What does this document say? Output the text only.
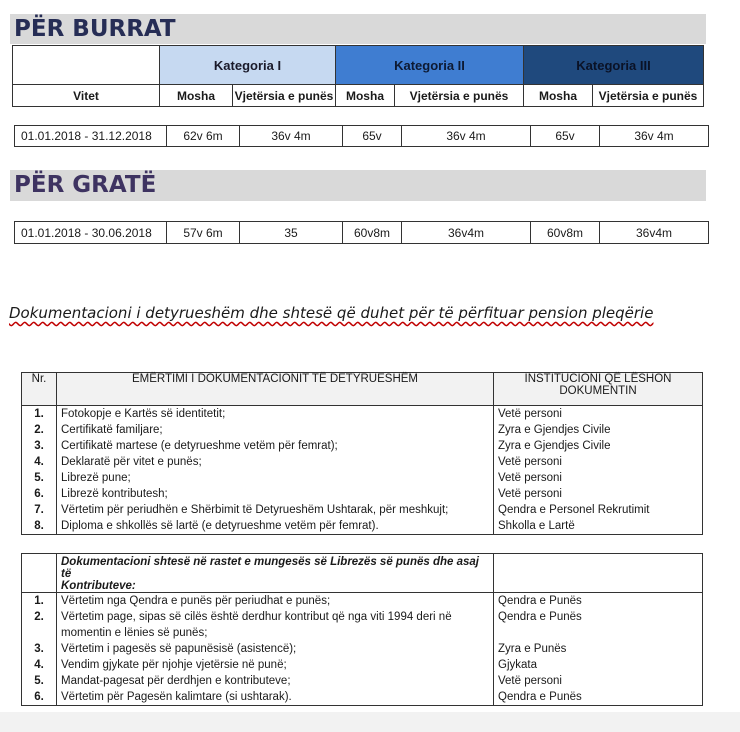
PËR BURRAT
	Kategoria I		Kategoria II		Kategoria III	
Vitet	Mosha	Vjetërsia e punës	Mosha	Vjetërsia e punës	Mosha	Vjetërsia e punës
01.01.2018 - 31.12.2018	62v 6m	36v 4m	65v	36v 4m	65v	36v 4m
PËR GRATË
01.01.2018 - 30.06.2018	57v 6m	35	60v8m	36v4m	60v8m	36v4m
Dokumentacioni i detyrueshëm dhe shtesë që duhet për të përfituar pension pleqërie
Nr.	EMËRTIMI I DOKUMENTACIONIT TË DETYRUESHËM	INSTITUCIONI QË LËSHON
DOKUMENTIN

1.	Fotokopje e Kartës së identitetit;	Vetë personi
2.	Certifikatë familjare;	Zyra e Gjendjes Civile
3.	Certifikatë martese (e detyrueshme vetëm për femrat);	Zyra e Gjendjes Civile
4.	Deklaratë për vitet e punës;	Vetë personi
5.	Librezë pune;	Vetë personi
6.	Librezë kontributesh;	Vetë personi
7.	Vërtetim për periudhën e Shërbimit të Detyrueshëm Ushtarak, për meshkujt;	Qendra e Personel Rekrutimit
8.	Diploma e shkollës së lartë (e detyrueshme vetëm për femrat).	Shkolla e Lartë

	Dokumentacioni shtesë në rastet e mungesës së Librezës së punës dhe asaj të
Kontributeve:	

1.	Vërtetim nga Qendra e punës për periudhat e punës;	Qendra e Punës
2.	Vërtetim page, sipas së cilës është derdhur kontribut që nga viti 1994 deri në
momentin e lënies së punës;	Qendra e Punës
3.	Vërtetim i pagesës së papunësisë (asistencë);	Zyra e Punës
4.	Vendim gjykate për njohje vjetërsie në punë;	Gjykata
5.	Mandat-pagesat për derdhjen e kontributeve;	Vetë personi
6.	Vërtetim për Pagesën kalimtare (si ushtarak).	Qendra e Punës
